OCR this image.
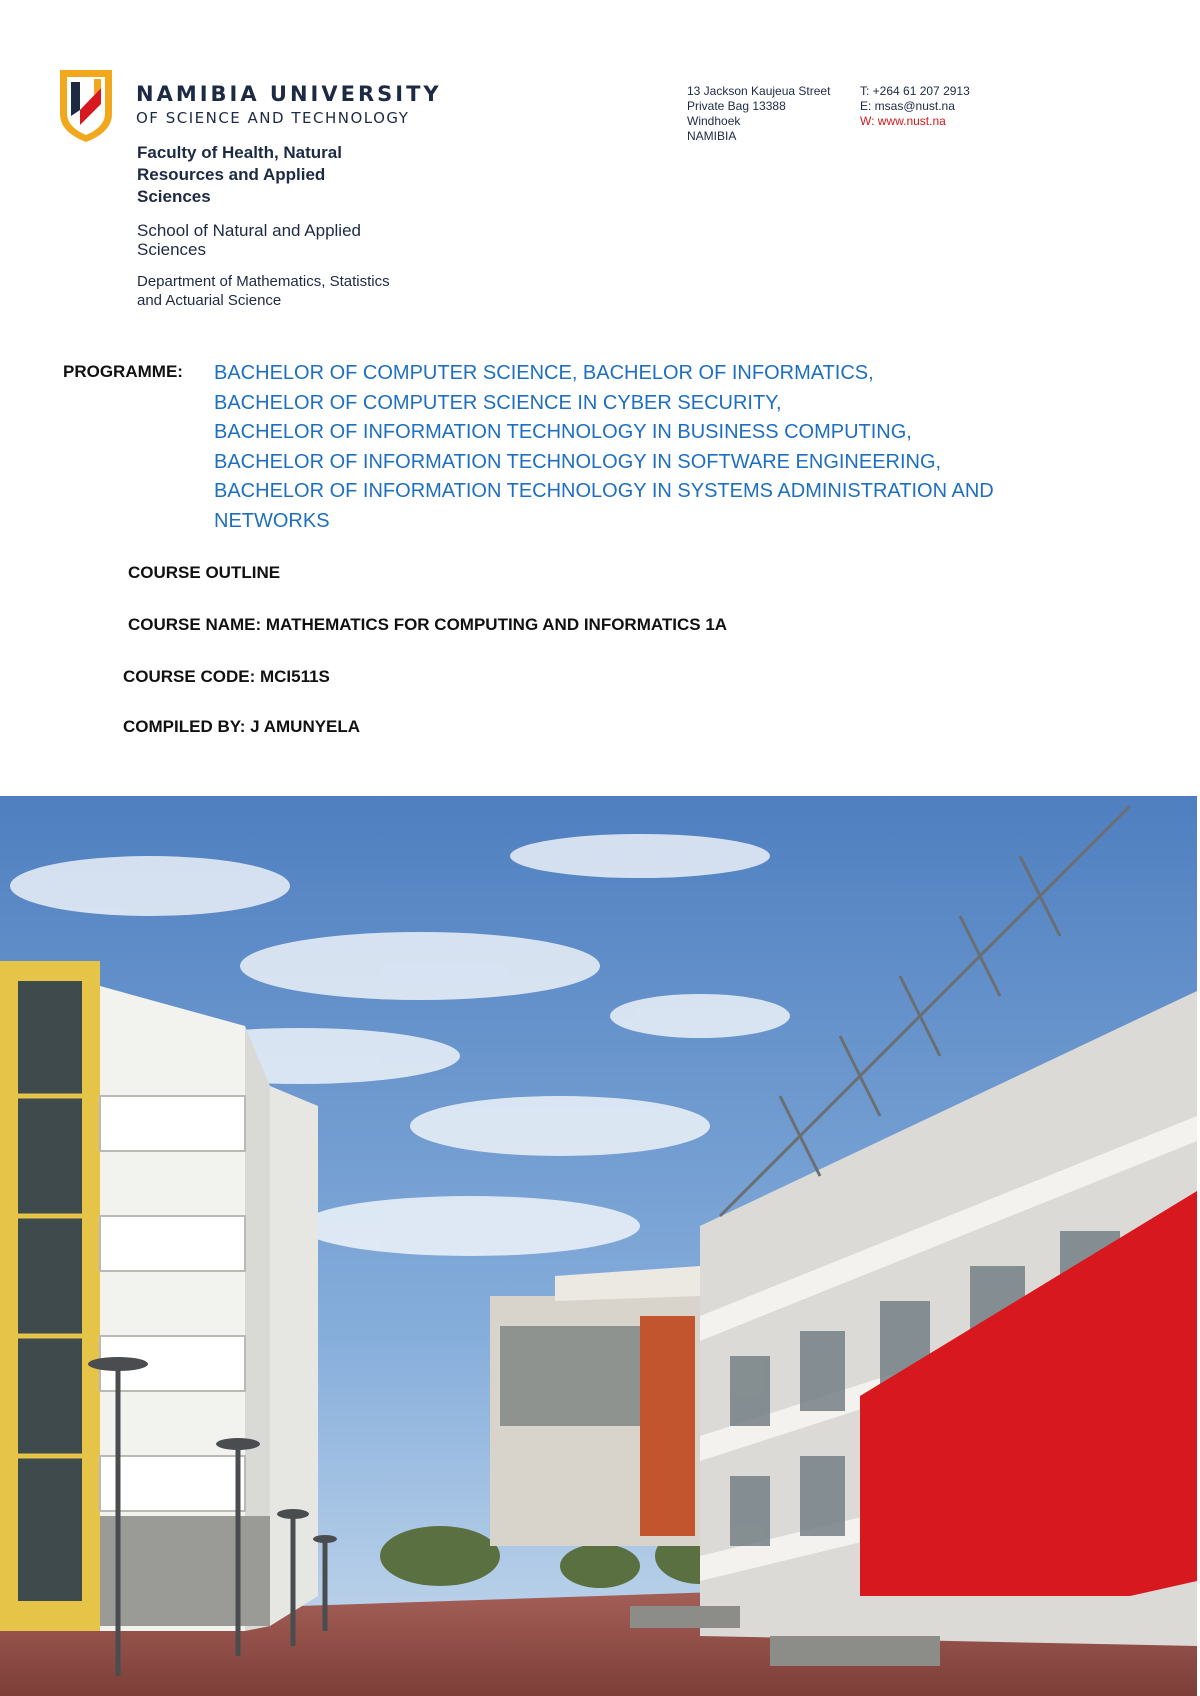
NAMIBIA UNIVERSITY
OF SCIENCE AND TECHNOLOGY
Faculty of Health, Natural Resources and Applied Sciences
School of Natural and Applied Sciences
Department of Mathematics, Statistics and Actuarial Science
13 Jackson Kaujeua Street
Private Bag 13388
Windhoek
NAMIBIA
T: +264 61 207 2913
E: msas@nust.na
W: www.nust.na
PROGRAMME: BACHELOR OF COMPUTER SCIENCE, BACHELOR OF INFORMATICS,
BACHELOR OF COMPUTER SCIENCE IN CYBER SECURITY,
BACHELOR OF INFORMATION TECHNOLOGY IN BUSINESS COMPUTING,
BACHELOR OF INFORMATION TECHNOLOGY IN SOFTWARE ENGINEERING,
BACHELOR OF INFORMATION TECHNOLOGY IN SYSTEMS ADMINISTRATION AND
NETWORKS
COURSE OUTLINE
COURSE NAME: MATHEMATICS FOR COMPUTING AND INFORMATICS 1A
COURSE CODE: MCI511S
COMPILED BY: J AMUNYELA
